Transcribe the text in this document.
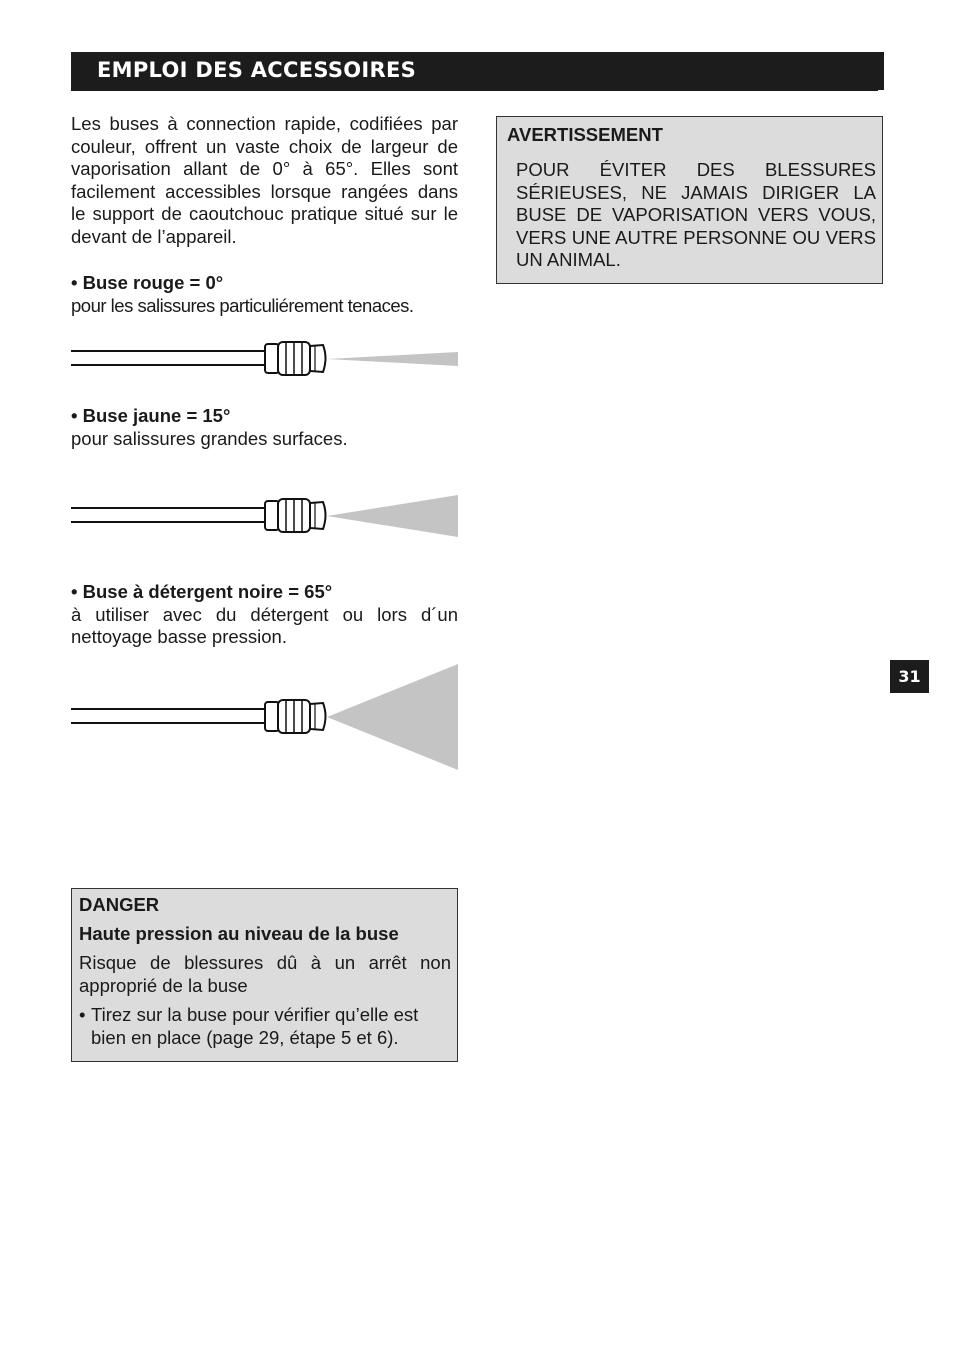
EMPLOI DES ACCESSOIRES

Les buses à connection rapide, codifiées par couleur, offrent un vaste choix de largeur de vaporisation allant de 0° à 65°. Elles sont facilement accessibles lorsque rangées dans le support de caoutchouc pratique situé sur le devant de l’appareil.

• Buse rouge = 0°
pour les salissures particuliérement tenaces.
• Buse jaune = 15°
pour salissures grandes surfaces.
• Buse à détergent noire = 65°
à utiliser avec du détergent ou lors d´un nettoyage basse pression.
AVERTISSEMENT
POUR ÉVITER DES BLESSURES SÉRIEUSES, NE JAMAIS DIRIGER LA BUSE DE VAPORISATION VERS VOUS, VERS UNE AUTRE PERSONNE OU VERS UN ANIMAL.
DANGER
Haute pression au niveau de la buse
Risque de blessures dû à un arrêt non approprié de la buse
• Tirez sur la buse pour vérifier qu’elle est bien en place (page 29, étape 5 et 6).
31
